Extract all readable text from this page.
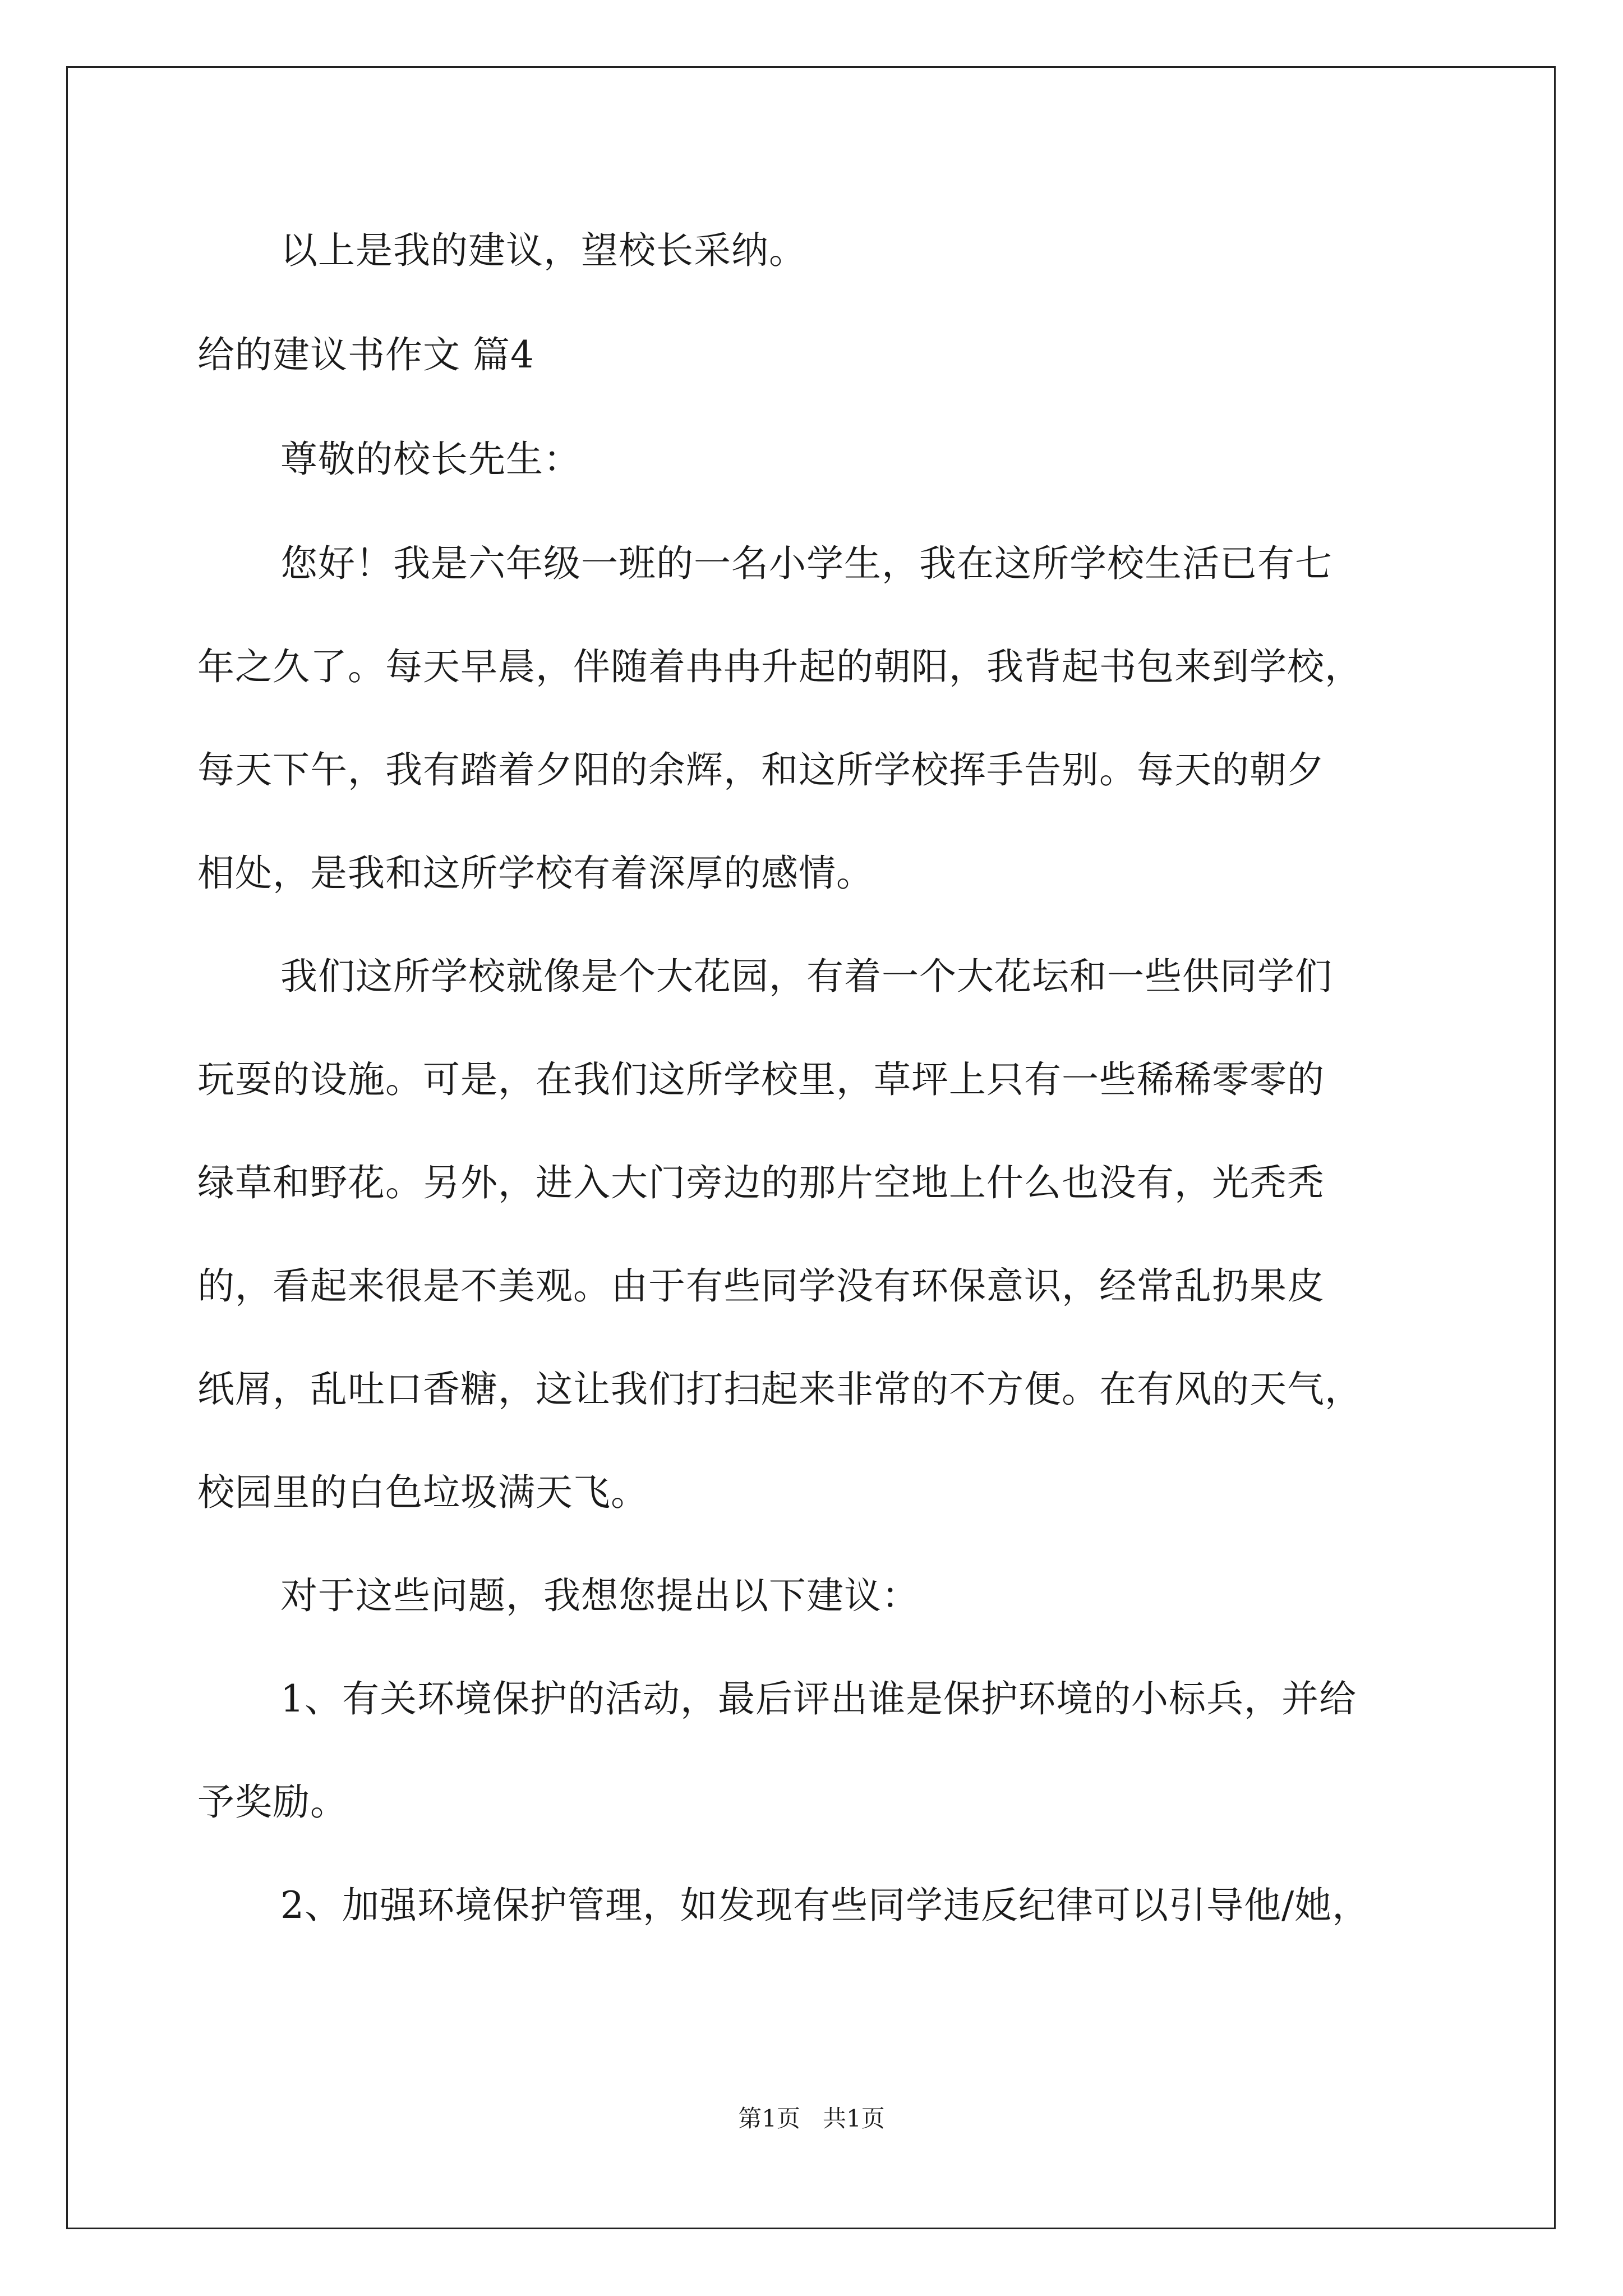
以上是我的建议，望校长采纳。
给的建议书作文 篇4
尊敬的校长先生：
您好！我是六年级一班的一名小学生，我在这所学校生活已有七
年之久了。每天早晨，伴随着冉冉升起的朝阳，我背起书包来到学校，
每天下午，我有踏着夕阳的余辉，和这所学校挥手告别。每天的朝夕
相处，是我和这所学校有着深厚的感情。
我们这所学校就像是个大花园，有着一个大花坛和一些供同学们
玩耍的设施。可是，在我们这所学校里，草坪上只有一些稀稀零零的
绿草和野花。另外，进入大门旁边的那片空地上什么也没有，光秃秃
的，看起来很是不美观。由于有些同学没有环保意识，经常乱扔果皮
纸屑，乱吐口香糖，这让我们打扫起来非常的不方便。在有风的天气，
校园里的白色垃圾满天飞。
对于这些问题，我想您提出以下建议：
1、有关环境保护的活动，最后评出谁是保护环境的小标兵，并给
予奖励。
2、加强环境保护管理，如发现有些同学违反纪律可以引导他/她，
第1页   共1页
